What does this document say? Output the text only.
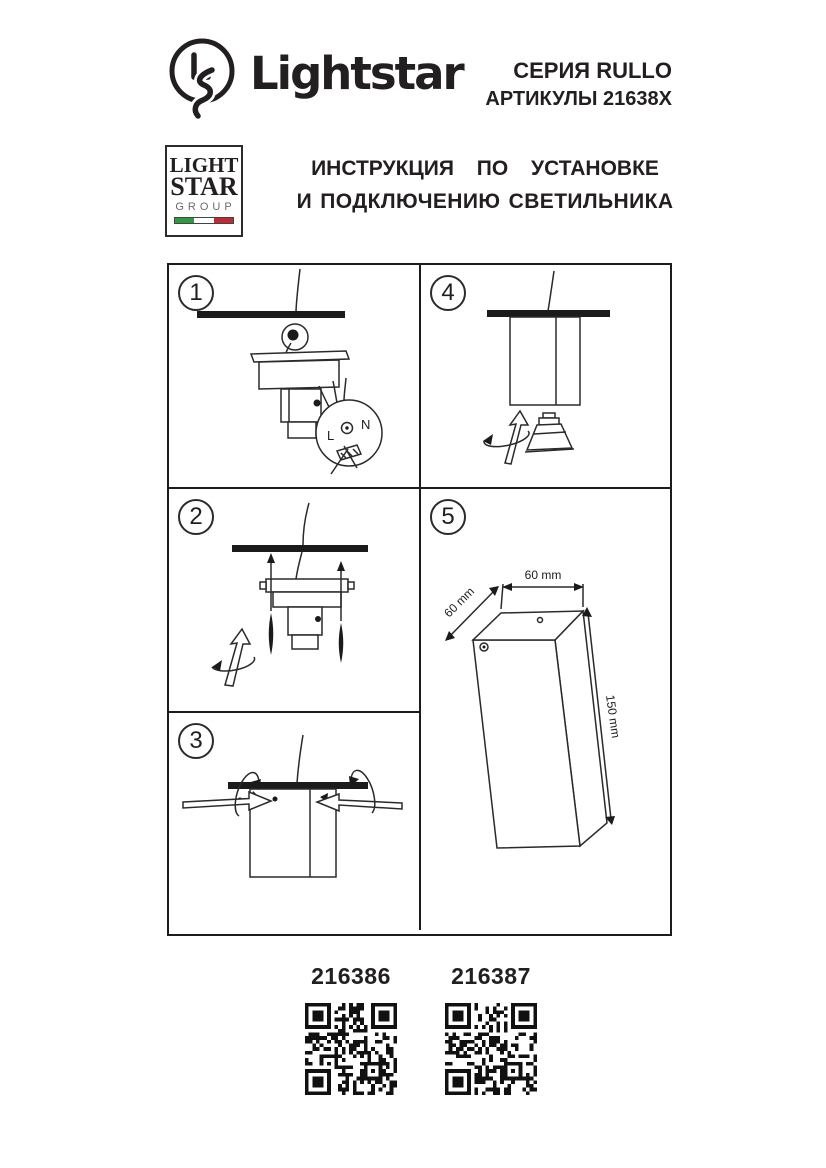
Lightstar	СЕРИЯ RULLO
АРТИКУЛЫ 21638X
LIGHT
STAR
GROUP
ИНСТРУКЦИЯ ПО УСТАНОВКЕ
И ПОДКЛЮЧЕНИЮ СВЕТИЛЬНИКА
1
L
N
2
3
4
5
60 mm
60 mm
150 mm
216386	216387
